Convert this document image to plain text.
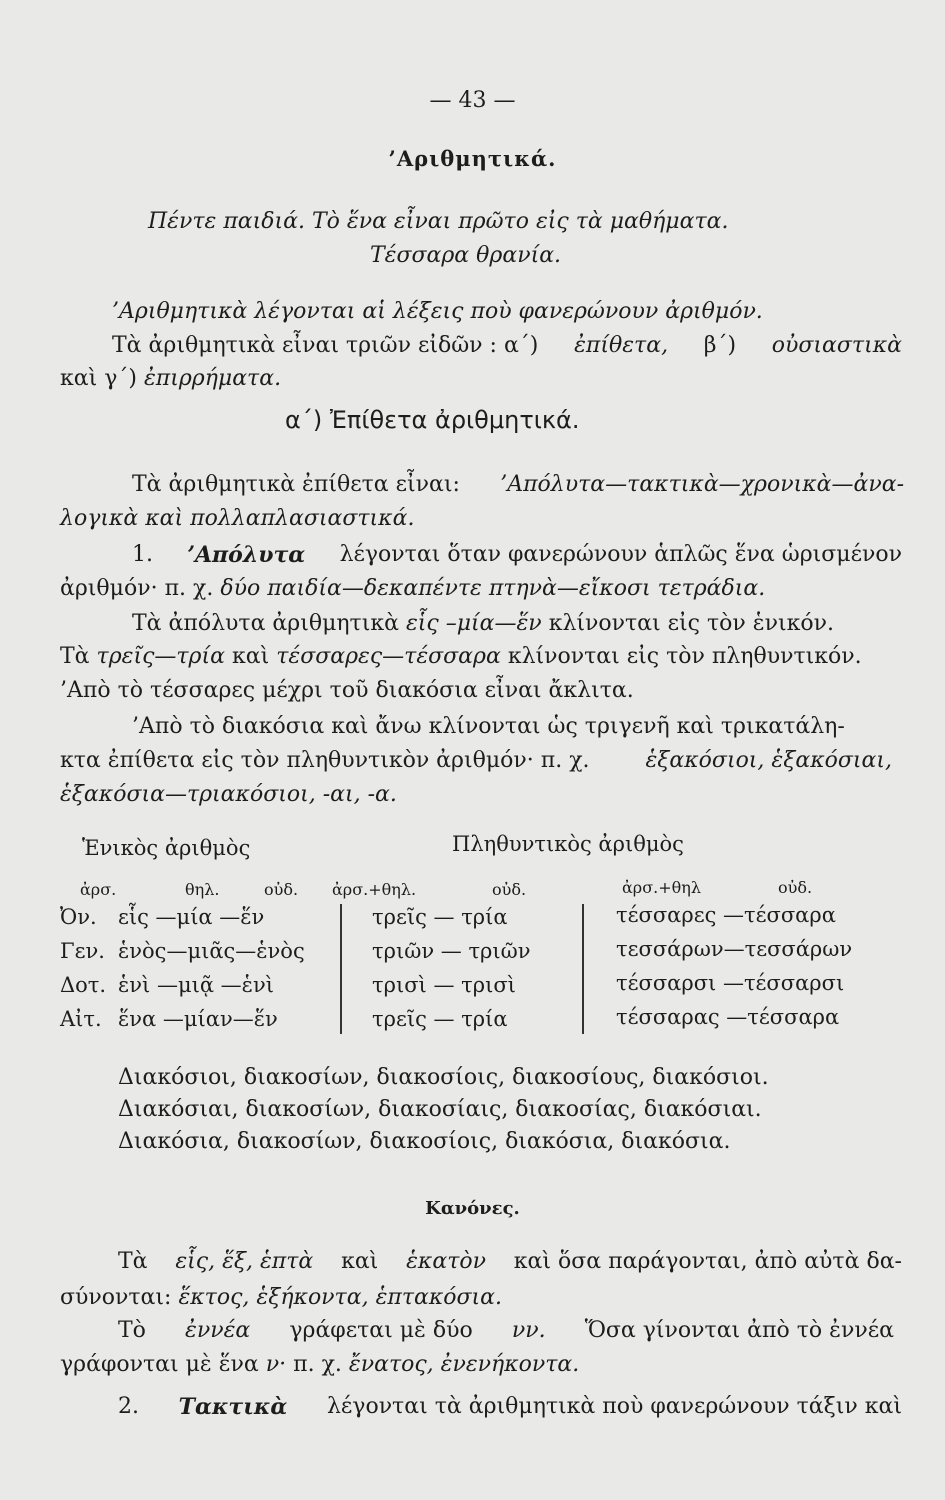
— 43 —
’Αριθμητικά.
Πέντε παιδιά. Τὸ ἕνα εἶναι πρῶτο εἰς τὰ μαθήματα.
Τέσσαρα θρανία.
’Αριθμητικὰ λέγονται αἱ λέξεις ποὺ φανερώνουν ἀριθμόν.
Τὰ ἀριθμητικὰ εἶναι τριῶν εἰδῶν : α΄) ἐπίθετα, β΄) οὐσιαστικὰ
καὶ γ΄) ἐπιρρήματα.
α΄) Ἐπίθετα ἀριθμητικά.
Τὰ ἀριθμητικὰ ἐπίθετα εἶναι: ’Απόλυτα—τακτικὰ—χρονικὰ—ἀνα-
λογικὰ καὶ πολλαπλασιαστικά.
1. ’Απόλυτα λέγονται ὅταν φανερώνουν ἁπλῶς ἕνα ὡρισμένον
ἀριθμόν· π. χ. δύο παιδία—δεκαπέντε πτηνὰ—εἴκοσι τετράδια.
Τὰ ἀπόλυτα ἀριθμητικὰ εἷς –μία—ἕν κλίνονται εἰς τὸν ἑνικόν.
Τὰ τρεῖς—τρία καὶ τέσσαρες—τέσσαρα κλίνονται εἰς τὸν πληθυντικόν.
’Απὸ τὸ τέσσαρες μέχρι τοῦ διακόσια εἶναι ἄκλιτα.
’Απὸ τὸ διακόσια καὶ ἄνω κλίνονται ὡς τριγενῆ καὶ τρικατάλη-
κτα ἐπίθετα εἰς τὸν πληθυντικὸν ἀριθμόν· π. χ.	ἑξακόσιοι, ἑξακόσιαι,
ἑξακόσια—τριακόσιοι, -αι, -α.
Ἑνικὸς ἀριθμὸς	Πληθυντικὸς ἀριθμὸς
ἀρσ.	θηλ.	οὐδ. ἀρσ.+θηλ.	οὐδ.	ἀρσ.+θηλ	οὐδ.
Ὀν. εἷς —μία —ἕν	τρεῖς — τρία	τέσσαρες —τέσσαρα
Γεν. ἑνὸς—μιᾶς—ἑνὸς	τριῶν — τριῶν	τεσσάρων—τεσσάρων
Δοτ. ἑνὶ —μιᾷ —ἑνὶ	τρισὶ — τρισὶ	τέσσαρσι —τέσσαρσι
Αἰτ. ἕνα —μίαν—ἕν	τρεῖς — τρία	τέσσαρας —τέσσαρα
Διακόσιοι, διακοσίων, διακοσίοις, διακοσίους, διακόσιοι.
Διακόσιαι, διακοσίων, διακοσίαις, διακοσίας, διακόσιαι.
Διακόσια, διακοσίων, διακοσίοις, διακόσια, διακόσια.
Κανόνες.
Τὰ εἷς, ἕξ, ἑπτὰ καὶ ἑκατὸν καὶ ὅσα παράγονται, ἀπὸ αὐτὰ δα-
σύνονται: ἕκτος, ἑξήκοντα, ἑπτακόσια.
Τὸ ἐννέα γράφεται μὲ δύο νν. Ὅσα γίνονται ἀπὸ τὸ ἐννέα
γράφονται μὲ ἕνα ν· π. χ. ἔνατος, ἐνενήκοντα.
2. Τακτικὰ λέγονται τὰ ἀριθμητικὰ ποὺ φανερώνουν τάξιν καὶ
